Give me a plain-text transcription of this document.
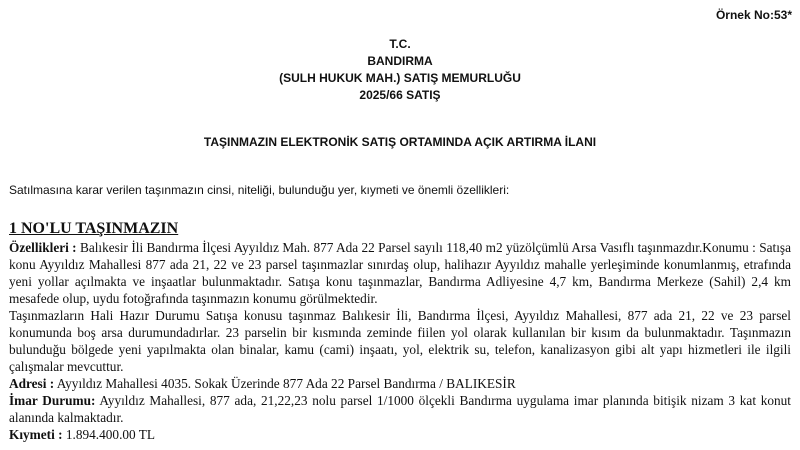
Örnek No:53*
T.C.
BANDIRMA
(SULH HUKUK MAH.) SATIŞ MEMURLUĞU
2025/66 SATIŞ
TAŞINMAZIN ELEKTRONİK SATIŞ ORTAMINDA AÇIK ARTIRMA İLANI
Satılmasına karar verilen taşınmazın cinsi, niteliği, bulunduğu yer, kıymeti ve önemli özellikleri:
1 NO'LU TAŞINMAZIN

Özellikleri : Balıkesir İli Bandırma İlçesi Ayyıldız Mah. 877 Ada 22 Parsel sayılı 118,40 m2 yüzölçümlü Arsa Vasıflı taşınmazdır.Konumu : Satışa konu Ayyıldız Mahallesi 877 ada 21, 22 ve 23 parsel taşınmazlar sınırdaş olup, halihazır Ayyıldız mahalle yerleşiminde konumlanmış, etrafında yeni yollar açılmakta ve inşaatlar bulunmaktadır. Satışa konu taşınmazlar, Bandırma Adliyesine 4,7 km, Bandırma Merkeze (Sahil) 2,4 km mesafede olup, uydu fotoğrafında taşınmazın konumu görülmektedir.

Taşınmazların Hali Hazır Durumu Satışa konusu taşınmaz Balıkesir İli, Bandırma İlçesi, Ayyıldız Mahallesi, 877 ada 21, 22 ve 23 parsel konumunda boş arsa durumundadırlar. 23 parselin bir kısmında zeminde fiilen yol olarak kullanılan bir kısım da bulunmaktadır. Taşınmazın bulunduğu bölgede yeni yapılmakta olan binalar, kamu (cami) inşaatı, yol, elektrik su, telefon, kanalizasyon gibi alt yapı hizmetleri ile ilgili çalışmalar mevcuttur.

Adresi : Ayyıldız Mahallesi 4035. Sokak Üzerinde 877 Ada 22 Parsel Bandırma / BALIKESİR

İmar Durumu: Ayyıldız Mahallesi, 877 ada, 21,22,23 nolu parsel 1/1000 ölçekli Bandırma uygulama imar planında bitişik nizam 3 kat konut alanında kalmaktadır.

Kıymeti : 1.894.400.00 TL
